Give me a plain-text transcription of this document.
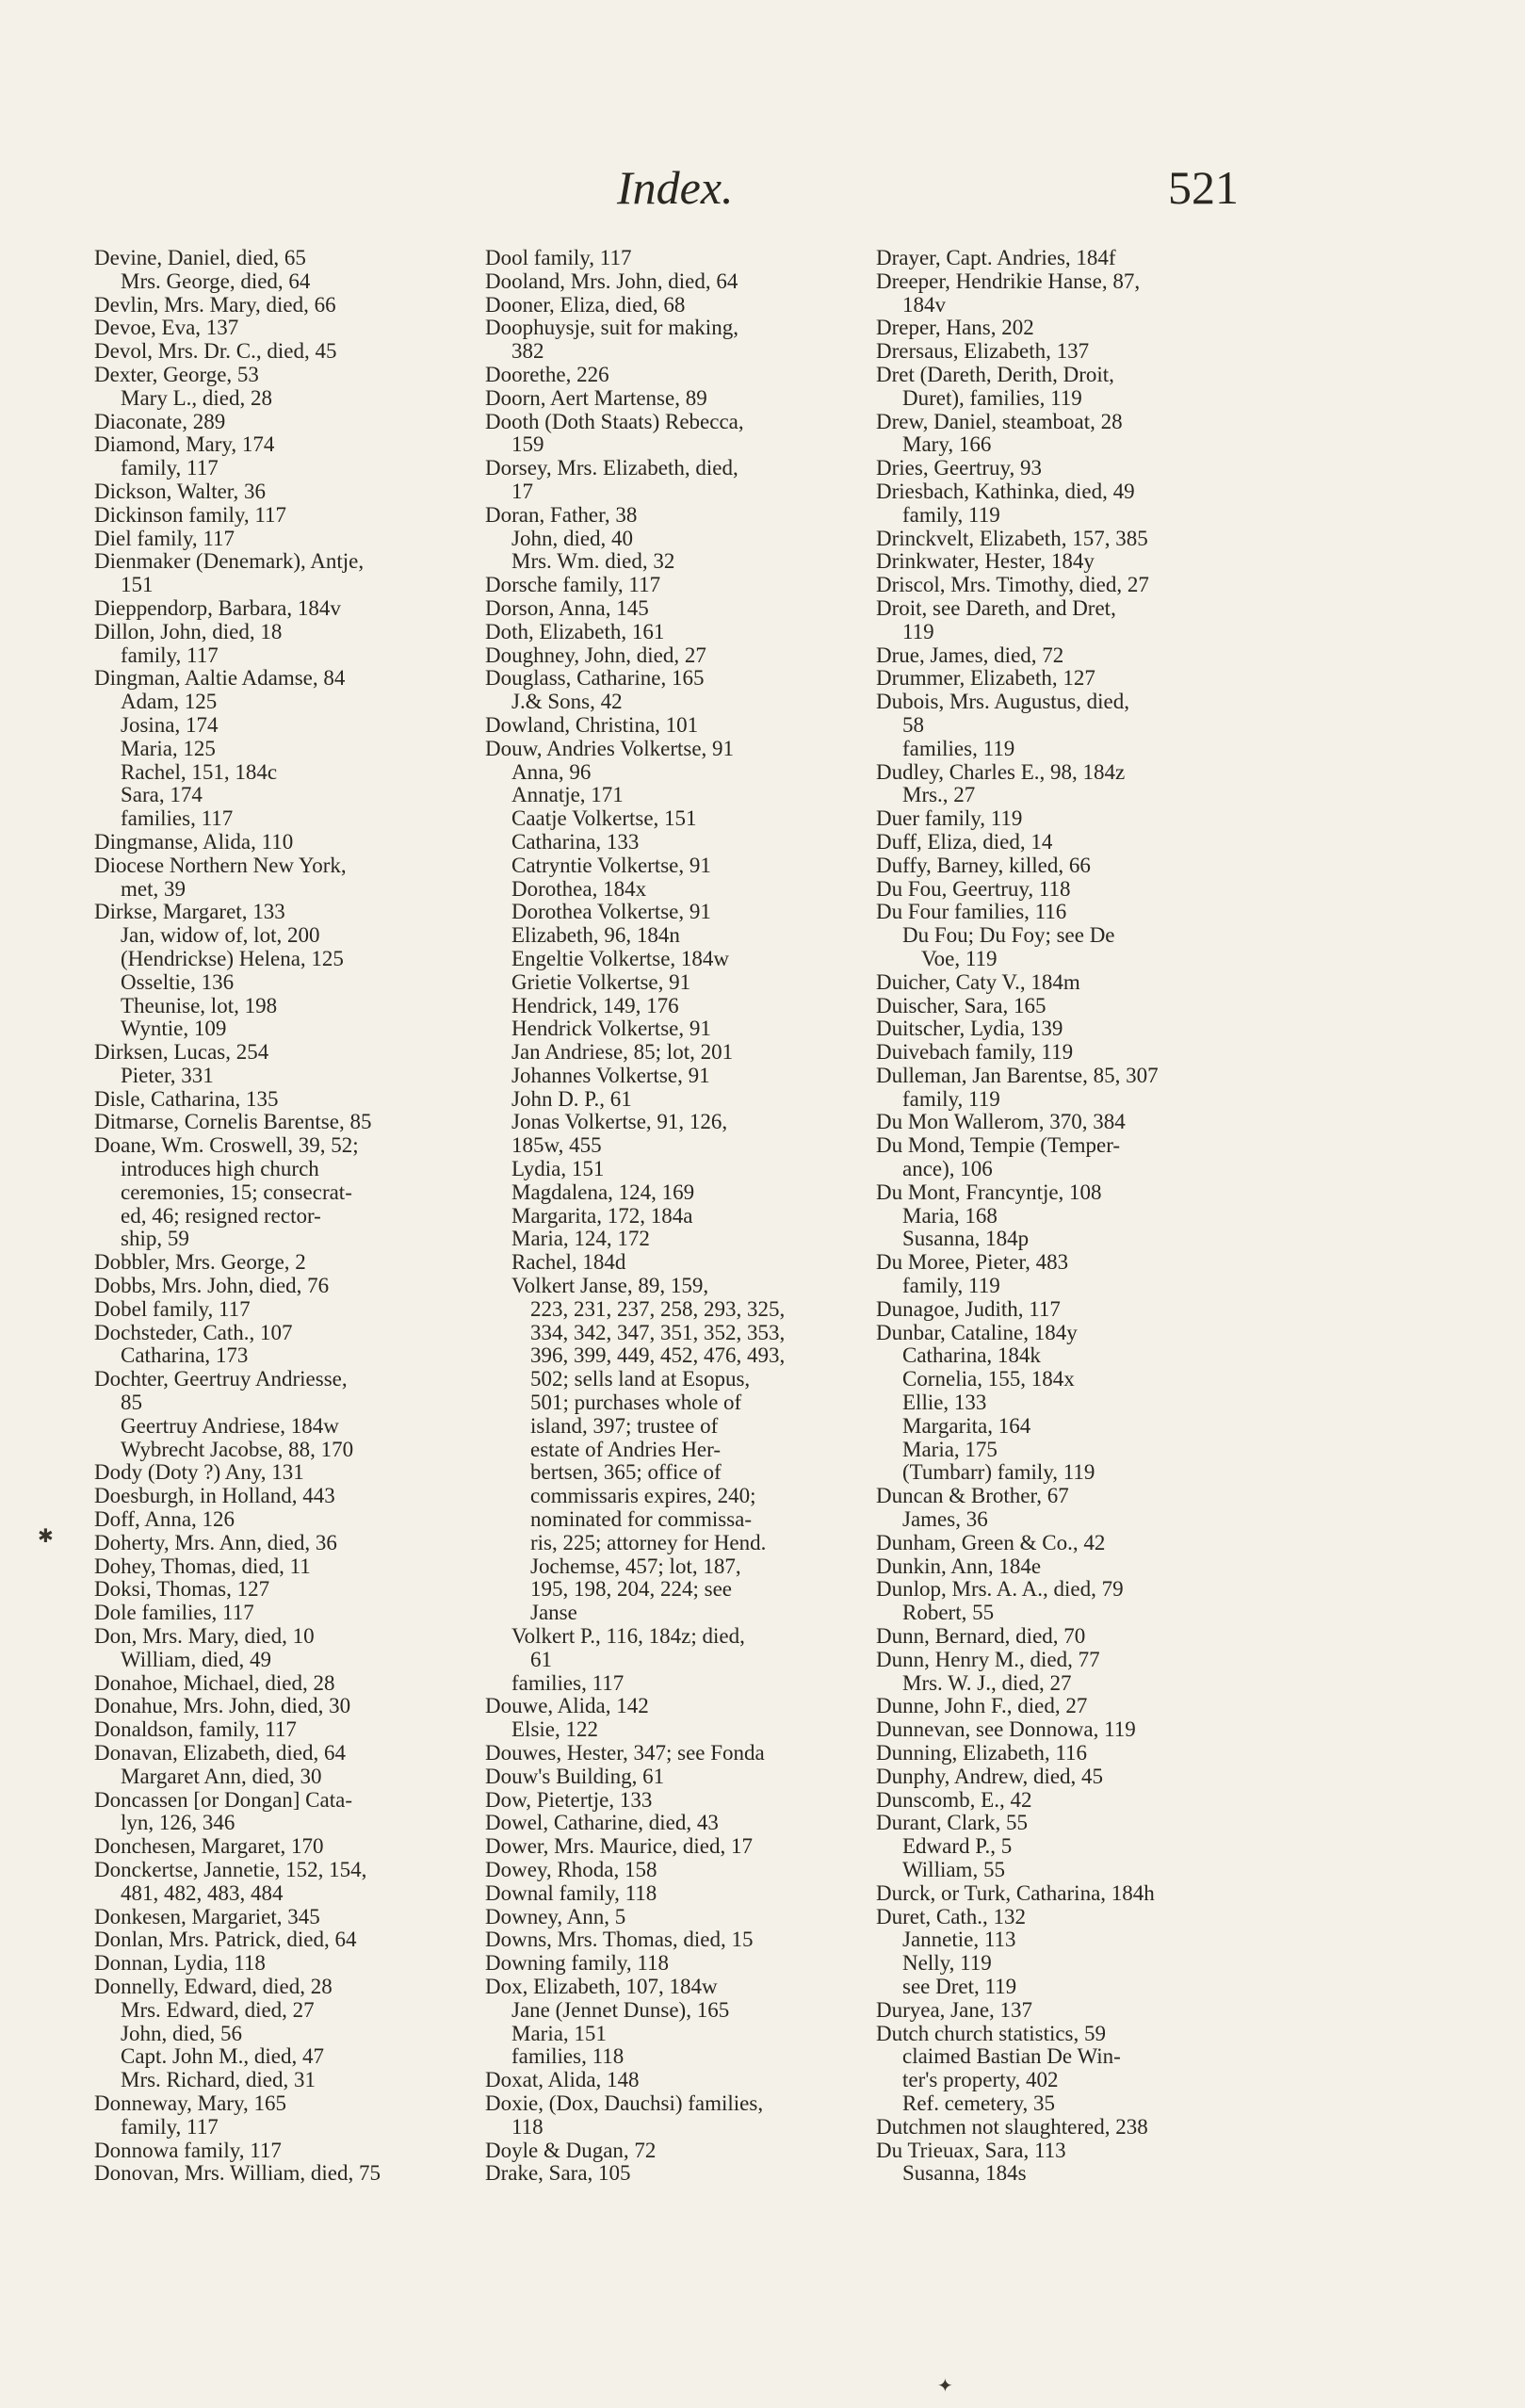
Index.	521
Devine, Daniel, died, 65
Mrs. George, died, 64
Devlin, Mrs. Mary, died, 66
Devoe, Eva, 137
Devol, Mrs. Dr. C., died, 45
Dexter, George, 53
Mary L., died, 28
Diaconate, 289
Diamond, Mary, 174
family, 117
Dickson, Walter, 36
Dickinson family, 117
Diel family, 117
Dienmaker (Denemark), Antje,
151
Dieppendorp, Barbara, 184v
Dillon, John, died, 18
family, 117
Dingman, Aaltie Adamse, 84
Adam, 125
Josina, 174
Maria, 125
Rachel, 151, 184c
Sara, 174
families, 117
Dingmanse, Alida, 110
Diocese Northern New York,
met, 39
Dirkse, Margaret, 133
Jan, widow of, lot, 200
(Hendrickse) Helena, 125
Osseltie, 136
Theunise, lot, 198
Wyntie, 109
Dirksen, Lucas, 254
Pieter, 331
Disle, Catharina, 135
Ditmarse, Cornelis Barentse, 85
Doane, Wm. Croswell, 39, 52;
introduces high church
ceremonies, 15; consecrat-
ed, 46; resigned rector-
ship, 59
Dobbler, Mrs. George, 2
Dobbs, Mrs. John, died, 76
Dobel family, 117
Dochsteder, Cath., 107
Catharina, 173
Dochter, Geertruy Andriesse,
85
Geertruy Andriese, 184w
Wybrecht Jacobse, 88, 170
Dody (Doty ?) Any, 131
Doesburgh, in Holland, 443
Doff, Anna, 126
Doherty, Mrs. Ann, died, 36
Dohey, Thomas, died, 11
Doksi, Thomas, 127
Dole families, 117
Don, Mrs. Mary, died, 10
William, died, 49
Donahoe, Michael, died, 28
Donahue, Mrs. John, died, 30
Donaldson, family, 117
Donavan, Elizabeth, died, 64
Margaret Ann, died, 30
Doncassen [or Dongan] Cata-
lyn, 126, 346
Donchesen, Margaret, 170
Donckertse, Jannetie, 152, 154,
481, 482, 483, 484
Donkesen, Margariet, 345
Donlan, Mrs. Patrick, died, 64
Donnan, Lydia, 118
Donnelly, Edward, died, 28
Mrs. Edward, died, 27
John, died, 56
Capt. John M., died, 47
Mrs. Richard, died, 31
Donneway, Mary, 165
family, 117
Donnowa family, 117
Donovan, Mrs. William, died, 75
Dool family, 117
Dooland, Mrs. John, died, 64
Dooner, Eliza, died, 68
Doophuysje, suit for making,
382
Doorethe, 226
Doorn, Aert Martense, 89
Dooth (Doth Staats) Rebecca,
159
Dorsey, Mrs. Elizabeth, died,
17
Doran, Father, 38
John, died, 40
Mrs. Wm. died, 32
Dorsche family, 117
Dorson, Anna, 145
Doth, Elizabeth, 161
Doughney, John, died, 27
Douglass, Catharine, 165
J.& Sons, 42
Dowland, Christina, 101
Douw, Andries Volkertse, 91
Anna, 96
Annatje, 171
Caatje Volkertse, 151
Catharina, 133
Catryntie Volkertse, 91
Dorothea, 184x
Dorothea Volkertse, 91
Elizabeth, 96, 184n
Engeltie Volkertse, 184w
Grietie Volkertse, 91
Hendrick, 149, 176
Hendrick Volkertse, 91
Jan Andriese, 85; lot, 201
Johannes Volkertse, 91
John D. P., 61
Jonas Volkertse, 91, 126,
185w, 455
Lydia, 151
Magdalena, 124, 169
Margarita, 172, 184a
Maria, 124, 172
Rachel, 184d
Volkert Janse, 89, 159,
223, 231, 237, 258, 293, 325,
334, 342, 347, 351, 352, 353,
396, 399, 449, 452, 476, 493,
502; sells land at Esopus,
501; purchases whole of
island, 397; trustee of
estate of Andries Her-
bertsen, 365; office of
commissaris expires, 240;
nominated for commissa-
ris, 225; attorney for Hend.
Jochemse, 457; lot, 187,
195, 198, 204, 224; see
Janse
Volkert P., 116, 184z; died,
61
families, 117
Douwe, Alida, 142
Elsie, 122
Douwes, Hester, 347; see Fonda
Douw's Building, 61
Dow, Pietertje, 133
Dowel, Catharine, died, 43
Dower, Mrs. Maurice, died, 17
Dowey, Rhoda, 158
Downal family, 118
Downey, Ann, 5
Downs, Mrs. Thomas, died, 15
Downing family, 118
Dox, Elizabeth, 107, 184w
Jane (Jennet Dunse), 165
Maria, 151
families, 118
Doxat, Alida, 148
Doxie, (Dox, Dauchsi) families,
118
Doyle & Dugan, 72
Drake, Sara, 105
Drayer, Capt. Andries, 184f
Dreeper, Hendrikie Hanse, 87,
184v
Dreper, Hans, 202
Drersaus, Elizabeth, 137
Dret (Dareth, Derith, Droit,
Duret), families, 119
Drew, Daniel, steamboat, 28
Mary, 166
Dries, Geertruy, 93
Driesbach, Kathinka, died, 49
family, 119
Drinckvelt, Elizabeth, 157, 385
Drinkwater, Hester, 184y
Driscol, Mrs. Timothy, died, 27
Droit, see Dareth, and Dret,
119
Drue, James, died, 72
Drummer, Elizabeth, 127
Dubois, Mrs. Augustus, died,
58
families, 119
Dudley, Charles E., 98, 184z
Mrs., 27
Duer family, 119
Duff, Eliza, died, 14
Duffy, Barney, killed, 66
Du Fou, Geertruy, 118
Du Four families, 116
Du Fou; Du Foy; see De
Voe, 119
Duicher, Caty V., 184m
Duischer, Sara, 165
Duitscher, Lydia, 139
Duivebach family, 119
Dulleman, Jan Barentse, 85, 307
family, 119
Du Mon Wallerom, 370, 384
Du Mond, Tempie (Temper-
ance), 106
Du Mont, Francyntje, 108
Maria, 168
Susanna, 184p
Du Moree, Pieter, 483
family, 119
Dunagoe, Judith, 117
Dunbar, Cataline, 184y
Catharina, 184k
Cornelia, 155, 184x
Ellie, 133
Margarita, 164
Maria, 175
(Tumbarr) family, 119
Duncan & Brother, 67
James, 36
Dunham, Green & Co., 42
Dunkin, Ann, 184e
Dunlop, Mrs. A. A., died, 79
Robert, 55
Dunn, Bernard, died, 70
Dunn, Henry M., died, 77
Mrs. W. J., died, 27
Dunne, John F., died, 27
Dunnevan, see Donnowa, 119
Dunning, Elizabeth, 116
Dunphy, Andrew, died, 45
Dunscomb, E., 42
Durant, Clark, 55
Edward P., 5
William, 55
Durck, or Turk, Catharina, 184h
Duret, Cath., 132
Jannetie, 113
Nelly, 119
see Dret, 119
Duryea, Jane, 137
Dutch church statistics, 59
claimed Bastian De Win-
ter's property, 402
Ref. cemetery, 35
Dutchmen not slaughtered, 238
Du Trieuax, Sara, 113
Susanna, 184s
✱
✦
